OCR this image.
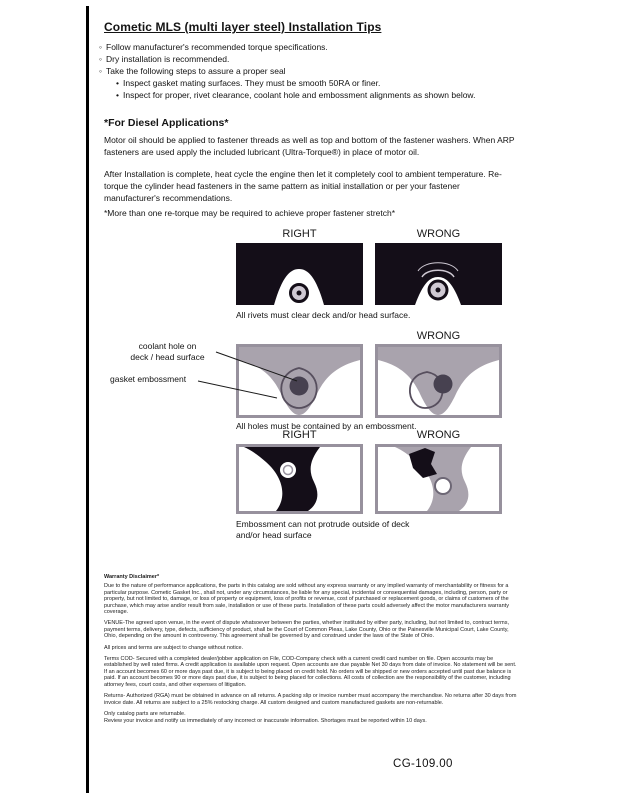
Cometic MLS (multi layer steel) Installation Tips
◦ Follow manufacturer's recommended torque specifications.
◦ Dry installation is recommended.
◦ Take the following steps to assure a proper seal
• Inspect gasket mating surfaces. They must be smooth 50RA or finer.
• Inspect for proper, rivet clearance, coolant hole and embossment alignments as shown below.
*For Diesel Applications*
Motor oil should be applied to fastener threads as well as top and bottom of the fastener washers. When ARP fasteners are used apply the included lubricant (Ultra-Torque®) in place of motor oil.
After Installation is complete, heat cycle the engine then let it completely cool to ambient temperature. Re-torque the cylinder head fasteners in the same pattern as initial installation or per your fastener manufacturer's recommendations.
*More than one re-torque may be required to achieve proper fastener stretch*
RIGHT	WRONG
All rivets must clear deck and/or head surface.
WRONG
All holes must be contained by an embossment.
coolant hole on
deck / head surface
gasket embossment
RIGHT	WRONG
Embossment can not protrude outside of deck and/or head surface
Warranty Disclaimer*

Due to the nature of performance applications, the parts in this catalog are sold without any express warranty or any implied warranty of merchantability or fitness for a particular purpose. Cometic Gasket Inc., shall not, under any circumstances, be liable for any special, incidental or consequential damages, including, person, party or property, but not limited to, damage, or loss of property or equipment, loss of profits or revenue, cost of purchased or replacement goods, or claims of customers of the purchase, which may arise and/or result from sale, installation or use of these parts. Installation of these parts could adversely affect the motor manufacturers warranty coverage.

VENUE-The agreed upon venue, in the event of dispute whatsoever between the parties, whether instituted by either party, including, but not limited to, contract terms, payment terms, delivery, type, defects, sufficiency of product, shall be the Court of Common Pleas, Lake County, Ohio or the Painesville Municipal Court, Lake County, Ohio, depending on the amount in controversy. This agreement shall be governed by and construed under the laws of the State of Ohio.

All prices and terms are subject to change without notice.

Terms COD- Secured with a completed dealer/jobber application on File, COD-Company check with a current credit card number on file. Open accounts may be established by well rated firms. A credit application is available upon request. Open accounts are due payable Net 30 days from date of invoice. No statement will be sent. If an account becomes 60 or more days past due, it is subject to being placed on credit hold. No orders will be shipped or new orders accepted until past due balance is paid. If an account becomes 90 or more days past due, it is subject to being placed for collections. All costs of collection are the responsibility of the customer, including attorney fees, court costs, and other expenses of litigation.

Returns- Authorized (RGA) must be obtained in advance on all returns. A packing slip or invoice number must accompany the merchandise. No returns after 30 days from invoice date. All returns are subject to a 25% restocking charge. All custom designed and custom manufactured gaskets are non-returnable.

Only catalog parts are returnable.

Review your invoice and notify us immediately of any incorrect or inaccurate information. Shortages must be reported within 10 days.

CG-109.00
